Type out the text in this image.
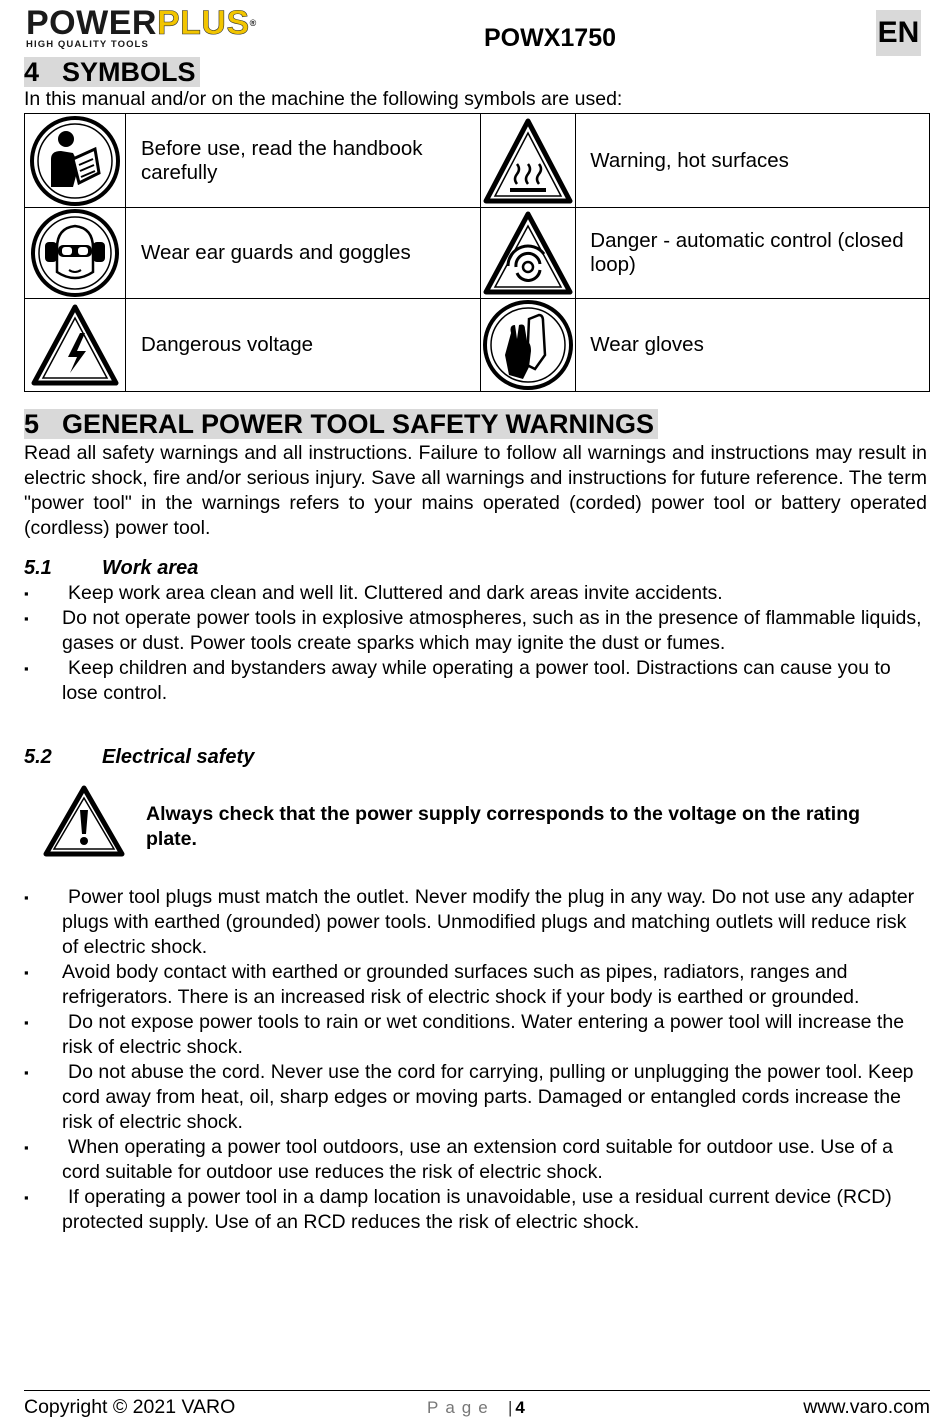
POWERPLUS®
HIGH QUALITY TOOLS	POWX1750	EN
4 SYMBOLS
In this manual and/or on the machine the following symbols are used:
	Before use, read the handbook carefully		Warning, hot surfaces

	Wear ear guards and goggles		Danger - automatic control (closed loop)

	Dangerous voltage		Wear gloves
5 GENERAL POWER TOOL SAFETY WARNINGS
Read all safety warnings and all instructions. Failure to follow all warnings and instructions may result in electric shock, fire and/or serious injury. Save all warnings and instructions for future reference. The term "power tool" in the warnings refers to your mains operated (corded) power tool or battery operated (cordless) power tool.
5.1	Work area
▪	Keep work area clean and well lit. Cluttered and dark areas invite accidents.
▪	Do not operate power tools in explosive atmospheres, such as in the presence of flammable liquids, gases or dust. Power tools create sparks which may ignite the dust or fumes.
▪	Keep children and bystanders away while operating a power tool. Distractions can cause you to lose control.
5.2	Electrical safety
Always check that the power supply corresponds to the voltage on the rating plate.
▪	Power tool plugs must match the outlet. Never modify the plug in any way. Do not use any adapter plugs with earthed (grounded) power tools. Unmodified plugs and matching outlets will reduce risk of electric shock.
▪	Avoid body contact with earthed or grounded surfaces such as pipes, radiators, ranges and refrigerators. There is an increased risk of electric shock if your body is earthed or grounded.
▪	Do not expose power tools to rain or wet conditions. Water entering a power tool will increase the risk of electric shock.
▪	Do not abuse the cord. Never use the cord for carrying, pulling or unplugging the power tool. Keep cord away from heat, oil, sharp edges or moving parts. Damaged or entangled cords increase the risk of electric shock.
▪	When operating a power tool outdoors, use an extension cord suitable for outdoor use. Use of a cord suitable for outdoor use reduces the risk of electric shock.
▪	If operating a power tool in a damp location is unavoidable, use a residual current device (RCD) protected supply. Use of an RCD reduces the risk of electric shock.
Copyright © 2021 VARO	Page | 4	www.varo.com
